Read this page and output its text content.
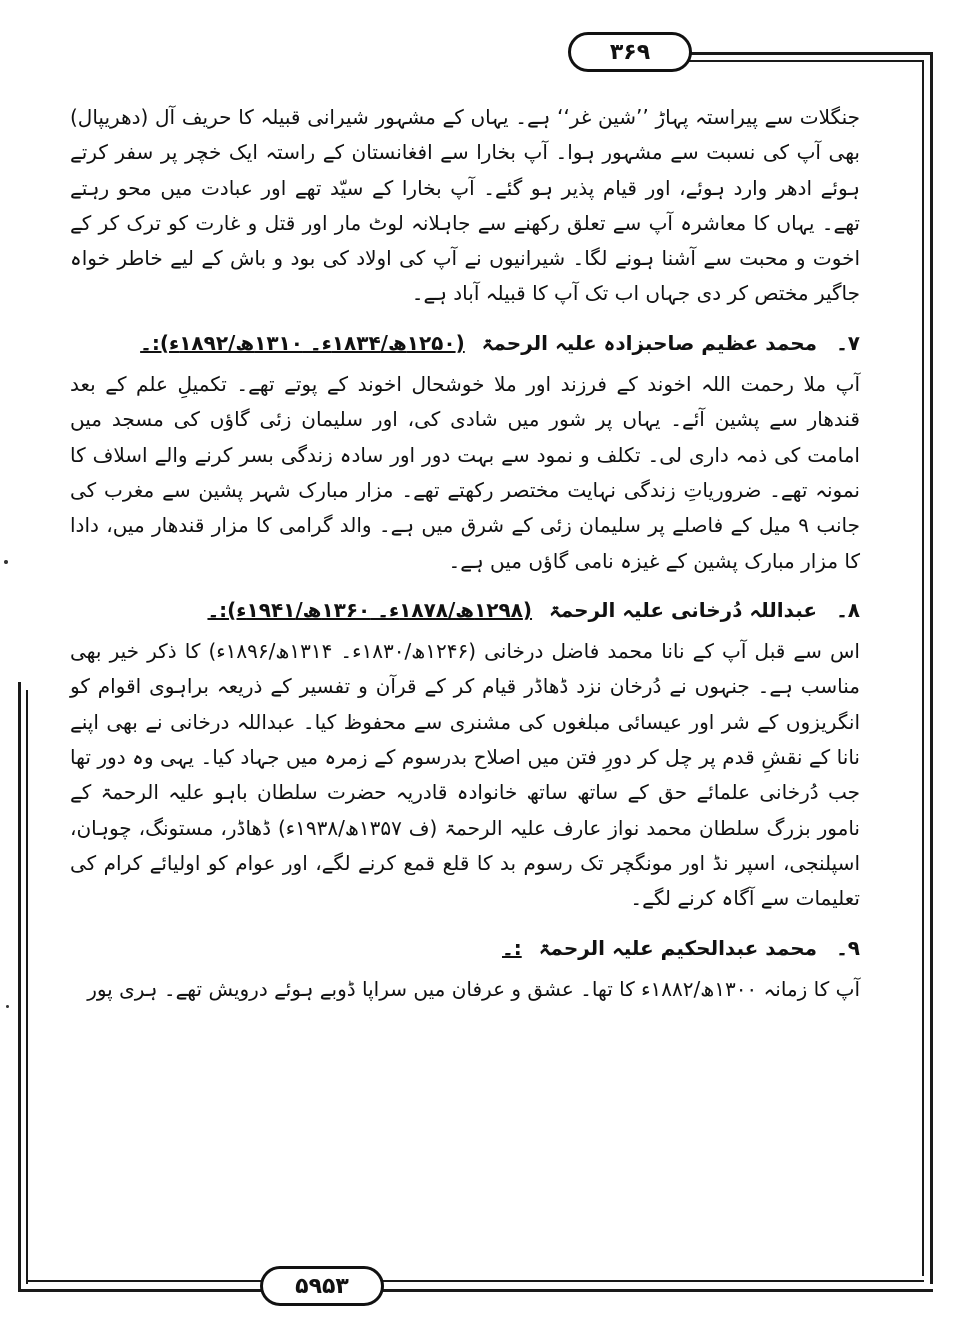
۳۶۹
۵۹۵۳

جنگلات سے پیراستہ پہاڑ ’’شین غر‘‘ ہے۔ یہاں کے مشہور شیرانی قبیلہ کا حریف آل (دھریپال) بھی آپ کی نسبت سے مشہور ہوا۔ آپ بخارا سے افغانستان کے راستہ ایک خچر پر سفر کرتے ہوئے ادھر وارد ہوئے، اور قیام پذیر ہو گئے۔ آپ بخارا کے سیّد تھے اور عبادت میں محو رہتے تھے۔ یہاں کا معاشرہ آپ سے تعلق رکھنے سے جاہلانہ لوٹ مار اور قتل و غارت کو ترک کر کے اخوت و محبت سے آشنا ہونے لگا۔ شیرانیوں نے آپ کی اولاد کی بود و باش کے لیے خاطر خواہ جاگیر مختص کر دی جہاں اب تک آپ کا قبیلہ آباد ہے۔

۷۔ محمد عظیم صاحبزادہ علیہ الرحمۃ (۱۲۵۰ھ/۱۸۳۴ء۔ ۱۳۱۰ھ/۱۸۹۲ء):۔

آپ ملا رحمت اللہ اخوند کے فرزند اور ملا خوشحال اخوند کے پوتے تھے۔ تکمیلِ علم کے بعد قندھار سے پشین آئے۔ یہاں پر شور میں شادی کی، اور سلیمان زئی گاؤں کی مسجد میں امامت کی ذمہ داری لی۔ تکلف و نمود سے بہت دور اور سادہ زندگی بسر کرنے والے اسلاف کا نمونہ تھے۔ ضروریاتِ زندگی نہایت مختصر رکھتے تھے۔ مزار مبارک شہر پشین سے مغرب کی جانب ۹ میل کے فاصلے پر سلیمان زئی کے شرق میں ہے۔ والد گرامی کا مزار قندھار میں، دادا کا مزار مبارک پشین کے غیزہ نامی گاؤں میں ہے۔

۸۔ عبداللہ دُرخانی علیہ الرحمۃ (۱۲۹۸ھ/۱۸۷۸ء۔ ۱۳۶۰ھ/۱۹۴۱ء):۔

اس سے قبل آپ کے نانا محمد فاضل درخانی (۱۲۴۶ھ/۱۸۳۰ء۔ ۱۳۱۴ھ/۱۸۹۶ء) کا ذکر خیر بھی مناسب ہے۔ جنہوں نے دُرخان نزد ڈھاڈر قیام کر کے قرآن و تفسیر کے ذریعہ براہوی اقوام کو انگریزوں کے شر اور عیسائی مبلغوں کی مشنری سے محفوظ کیا۔ عبداللہ درخانی نے بھی اپنے نانا کے نقشِ قدم پر چل کر دورِ فتن میں اصلاح بدرسوم کے زمرہ میں جہاد کیا۔ یہی وہ دور تھا جب دُرخانی علمائے حق کے ساتھ ساتھ خانوادہ قادریہ حضرت سلطان باہو علیہ الرحمۃ کے نامور بزرگ سلطان محمد نواز عارف علیہ الرحمۃ (ف ۱۳۵۷ھ/۱۹۳۸ء) ڈھاڈر، مستونگ، چوہان، اسپلنجی، اسپر نڈ اور مونگچر تک رسوم بد کا قلع قمع کرنے لگے، اور عوام کو اولیائے کرام کی تعلیمات سے آگاہ کرنے لگے۔

۹۔ محمد عبدالحکیم علیہ الرحمۃ :۔

آپ کا زمانہ ۱۳۰۰ھ/۱۸۸۲ء کا تھا۔ عشق و عرفان میں سراپا ڈوبے ہوئے درویش تھے۔ ہری پور
